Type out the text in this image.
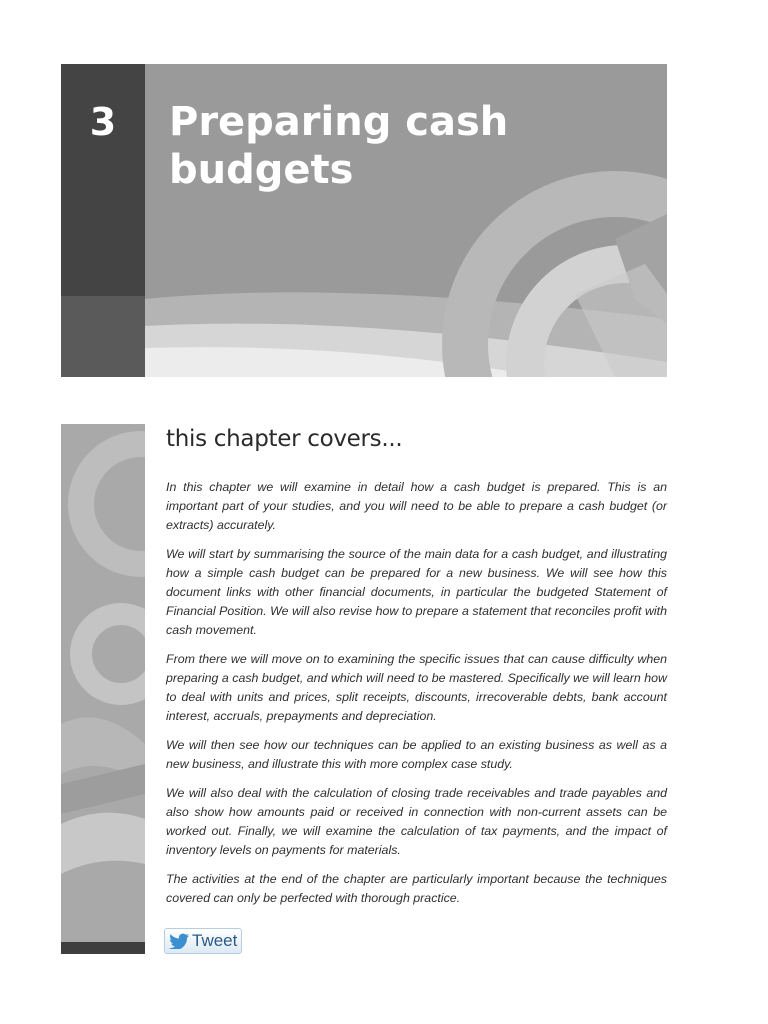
3	Preparing cash budgets
this chapter covers...

In this chapter we will examine in detail how a cash budget is prepared. This is an important part of your studies, and you will need to be able to prepare a cash budget (or extracts) accurately.

We will start by summarising the source of the main data for a cash budget, and illustrating how a simple cash budget can be prepared for a new business. We will see how this document links with other financial documents, in particular the budgeted Statement of Financial Position. We will also revise how to prepare a statement that reconciles profit with cash movement.

From there we will move on to examining the specific issues that can cause difficulty when preparing a cash budget, and which will need to be mastered. Specifically we will learn how to deal with units and prices, split receipts, discounts, irrecoverable debts, bank account interest, accruals, prepayments and depreciation.

We will then see how our techniques can be applied to an existing business as well as a new business, and illustrate this with more complex case study.

We will also deal with the calculation of closing trade receivables and trade payables and also show how amounts paid or received in connection with non-current assets can be worked out. Finally, we will examine the calculation of tax payments, and the impact of inventory levels on payments for materials.

The activities at the end of the chapter are particularly important because the techniques covered can only be perfected with thorough practice.

Tweet
